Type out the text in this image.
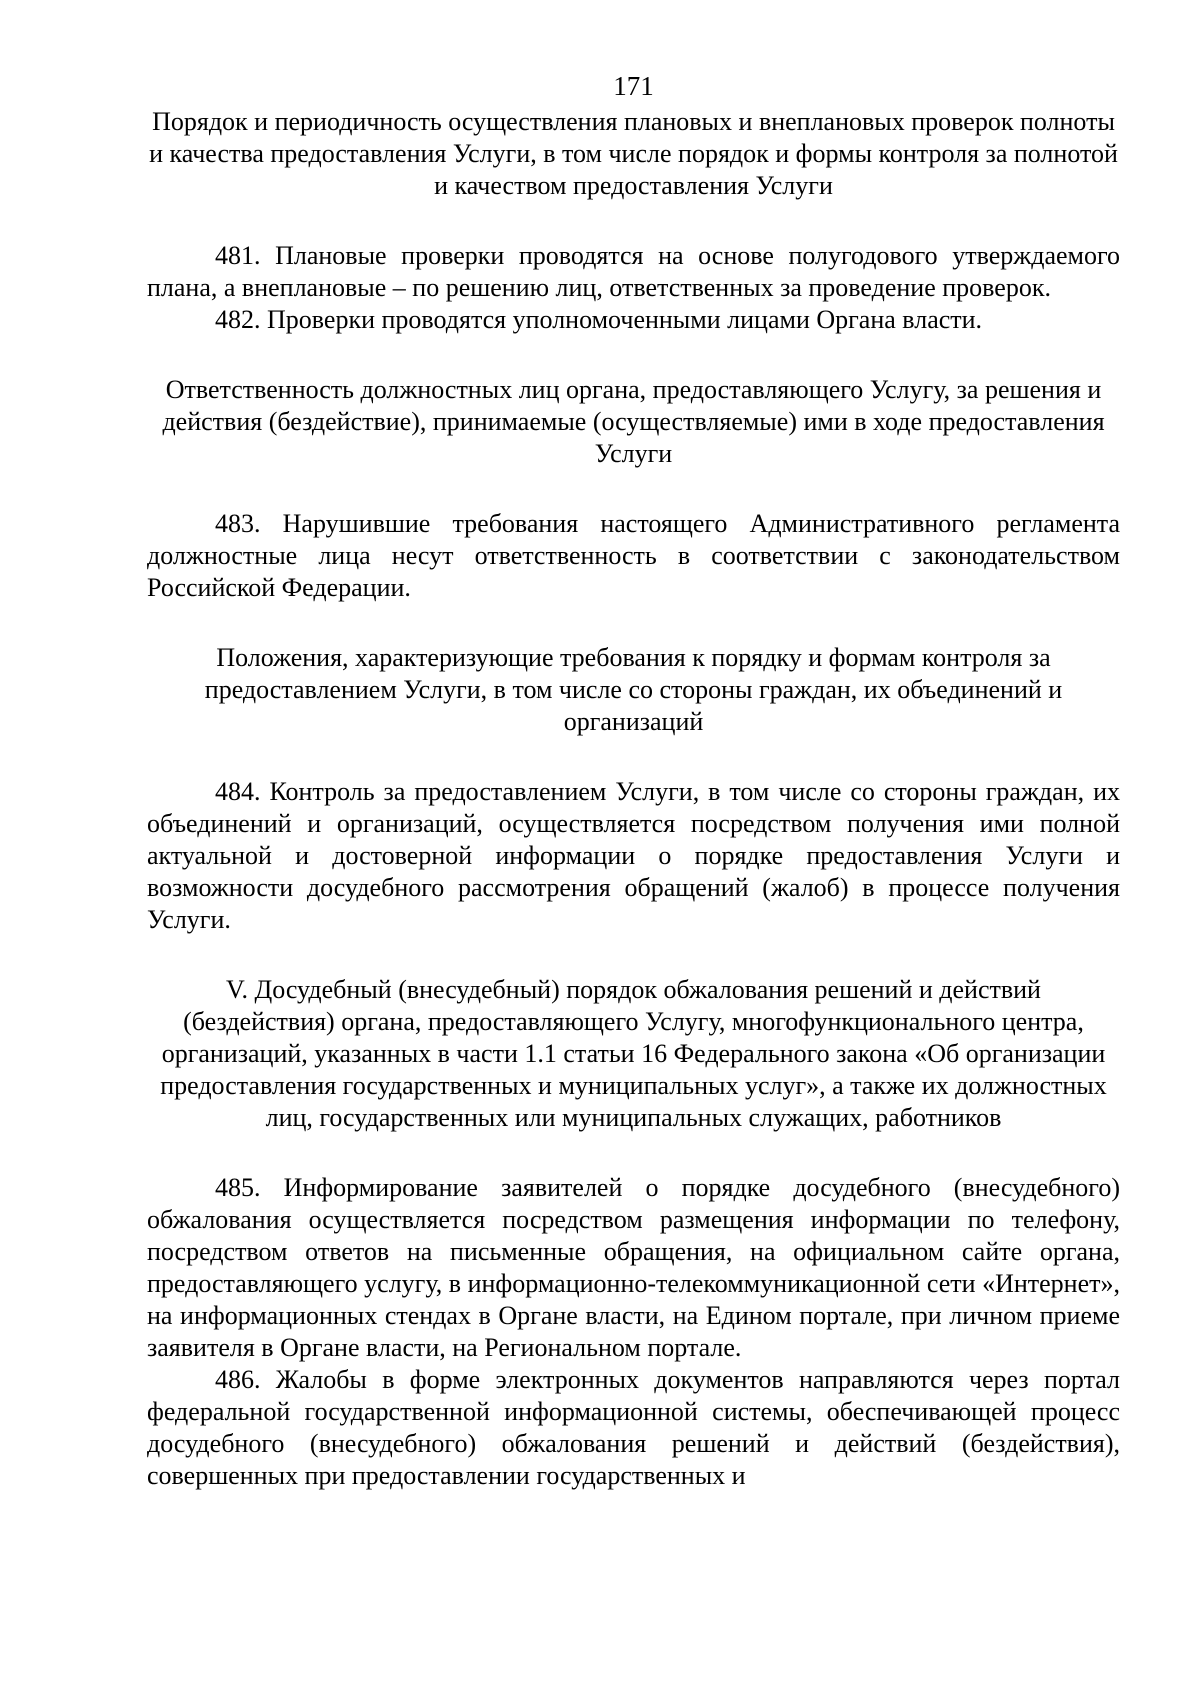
171

Порядок и периодичность осуществления плановых и внеплановых проверок полноты и качества предоставления Услуги, в том числе порядок и формы контроля за полнотой и качеством предоставления Услуги

481. Плановые проверки проводятся на основе полугодового утверждаемого плана, а внеплановые – по решению лиц, ответственных за проведение проверок.

482. Проверки проводятся уполномоченными лицами Органа власти.

Ответственность должностных лиц органа, предоставляющего Услугу, за решения и действия (бездействие), принимаемые (осуществляемые) ими в ходе предоставления Услуги

483. Нарушившие требования настоящего Административного регламента должностные лица несут ответственность в соответствии с законодательством Российской Федерации.

Положения, характеризующие требования к порядку и формам контроля за предоставлением Услуги, в том числе со стороны граждан, их объединений и организаций

484. Контроль за предоставлением Услуги, в том числе со стороны граждан, их объединений и организаций, осуществляется посредством получения ими полной актуальной и достоверной информации о порядке предоставления Услуги и возможности досудебного рассмотрения обращений (жалоб) в процессе получения Услуги.

V. Досудебный (внесудебный) порядок обжалования решений и действий (бездействия) органа, предоставляющего Услугу, многофункционального центра, организаций, указанных в части 1.1 статьи 16 Федерального закона «Об организации предоставления государственных и муниципальных услуг», а также их должностных лиц, государственных или муниципальных служащих, работников

485. Информирование заявителей о порядке досудебного (внесудебного) обжалования осуществляется посредством размещения информации по телефону, посредством ответов на письменные обращения, на официальном сайте органа, предоставляющего услугу, в информационно-телекоммуникационной сети «Интернет», на информационных стендах в Органе власти, на Едином портале, при личном приеме заявителя в Органе власти, на Региональном портале.

486. Жалобы в форме электронных документов направляются через портал федеральной государственной информационной системы, обеспечивающей процесс досудебного (внесудебного) обжалования решений и действий (бездействия), совершенных при предоставлении государственных и
